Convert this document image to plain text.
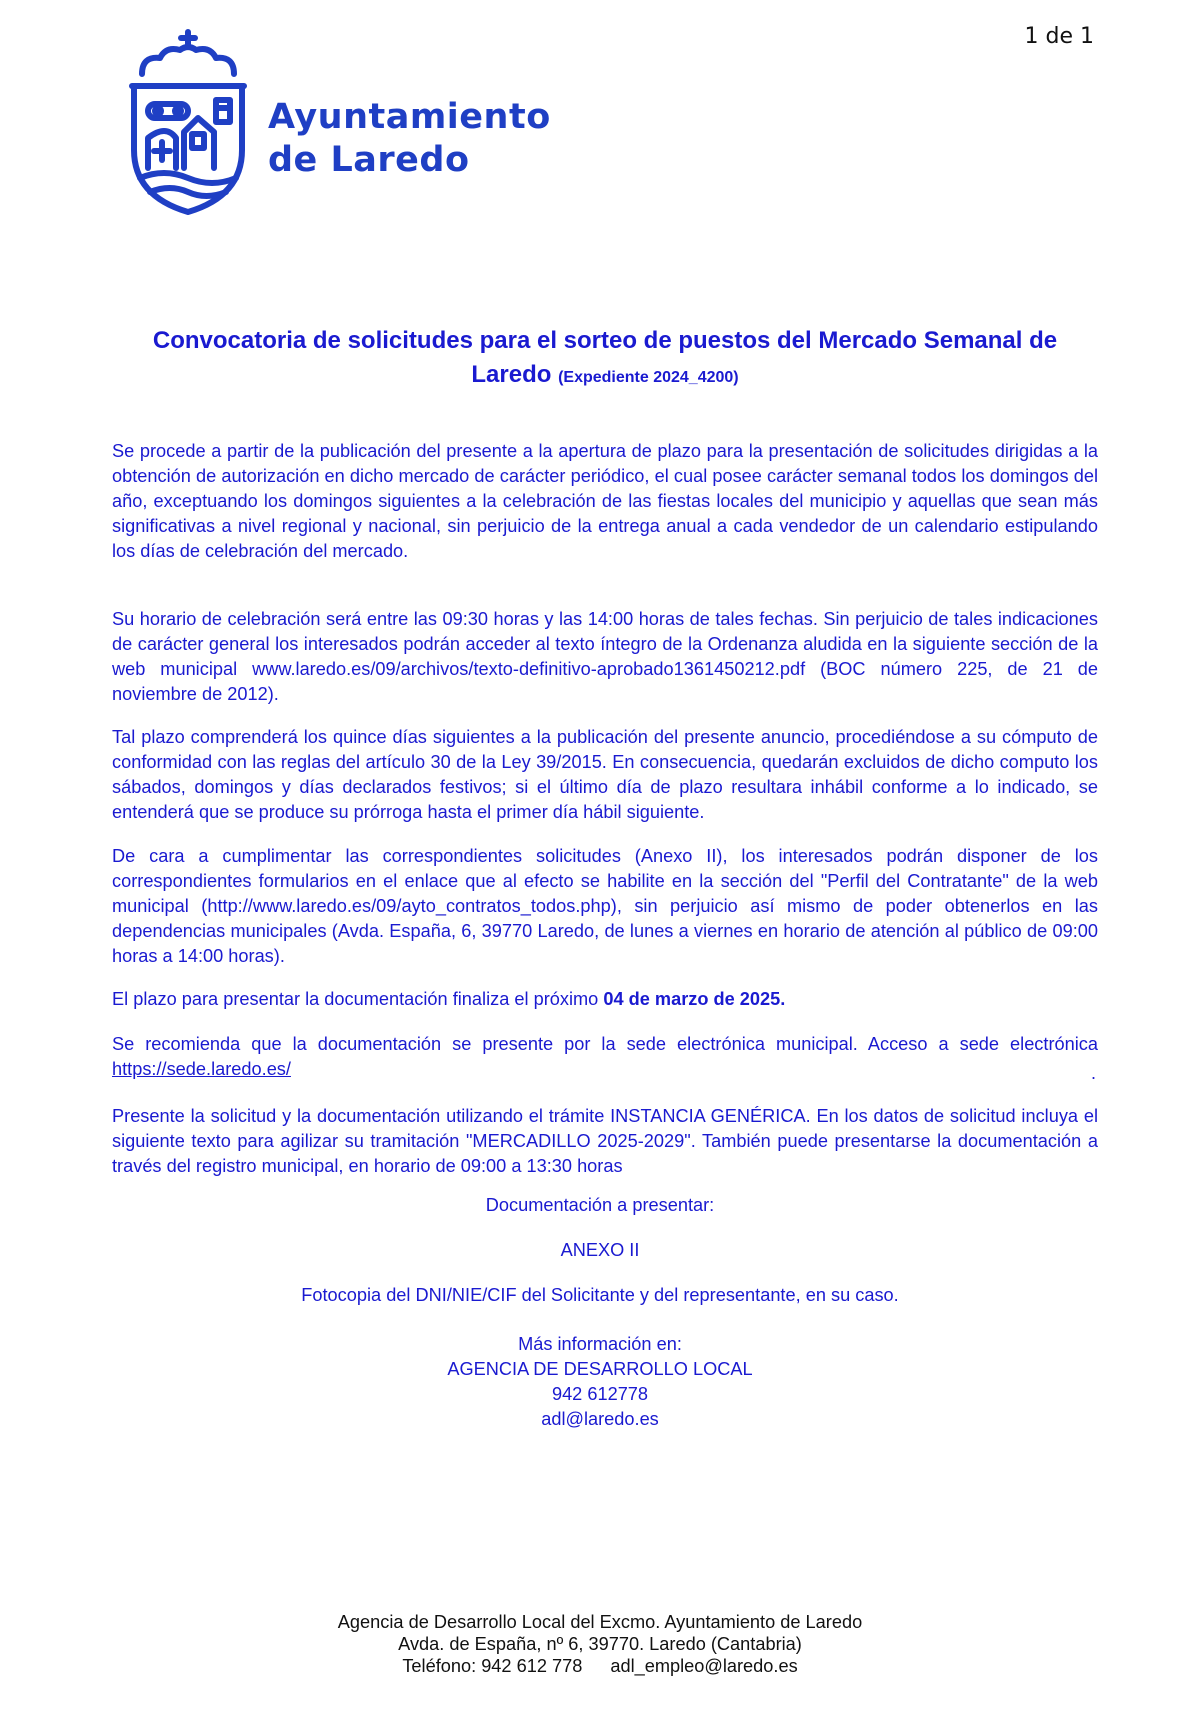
1 de 1
Ayuntamiento
de Laredo
Convocatoria de solicitudes para el sorteo de puestos del Mercado Semanal de Laredo (Expediente 2024_4200)
Se procede a partir de la publicación del presente a la apertura de plazo para la presentación de solicitudes dirigidas a la obtención de autorización en dicho mercado de carácter periódico, el cual posee carácter semanal todos los domingos del año, exceptuando los domingos siguientes a la celebración de las fiestas locales del municipio y aquellas que sean más significativas a nivel regional y nacional, sin perjuicio de la entrega anual a cada vendedor de un calendario estipulando los días de celebración del mercado.
Su horario de celebración será entre las 09:30 horas y las 14:00 horas de tales fechas. Sin perjuicio de tales indicaciones de carácter general los interesados podrán acceder al texto íntegro de la Ordenanza aludida en la siguiente sección de la web municipal www.laredo.es/09/archivos/texto-definitivo-aprobado1361450212.pdf (BOC número 225, de 21 de noviembre de 2012).
Tal plazo comprenderá los quince días siguientes a la publicación del presente anuncio, procediéndose a su cómputo de conformidad con las reglas del artículo 30 de la Ley 39/2015. En consecuencia, quedarán excluidos de dicho computo los sábados, domingos y días declarados festivos; si el último día de plazo resultara inhábil conforme a lo indicado, se entenderá que se produce su prórroga hasta el primer día hábil siguiente.
De cara a cumplimentar las correspondientes solicitudes (Anexo II), los interesados podrán disponer de los correspondientes formularios en el enlace que al efecto se habilite en la sección del "Perfil del Contratante" de la web municipal (http://www.laredo.es/09/ayto_contratos_todos.php), sin perjuicio así mismo de poder obtenerlos en las dependencias municipales (Avda. España, 6, 39770 Laredo, de lunes a viernes en horario de atención al público de 09:00 horas a 14:00 horas).
El plazo para presentar la documentación finaliza el próximo 04 de marzo de 2025.
Se recomienda que la documentación se presente por la sede electrónica municipal. Acceso a sede electrónica https://sede.laredo.es/	.
Presente la solicitud y la documentación utilizando el trámite INSTANCIA GENÉRICA. En los datos de solicitud incluya el siguiente texto para agilizar su tramitación "MERCADILLO 2025-2029". También puede presentarse la documentación a través del registro municipal, en horario de 09:00 a 13:30 horas
Documentación a presentar:
ANEXO II
Fotocopia del DNI/NIE/CIF del Solicitante y del representante, en su caso.
Más información en:
AGENCIA DE DESARROLLO LOCAL
942 612778
adl@laredo.es
Agencia de Desarrollo Local del Excmo. Ayuntamiento de Laredo
Avda. de España, nº 6, 39770. Laredo (Cantabria)
Teléfono: 942 612 778 adl_empleo@laredo.es
